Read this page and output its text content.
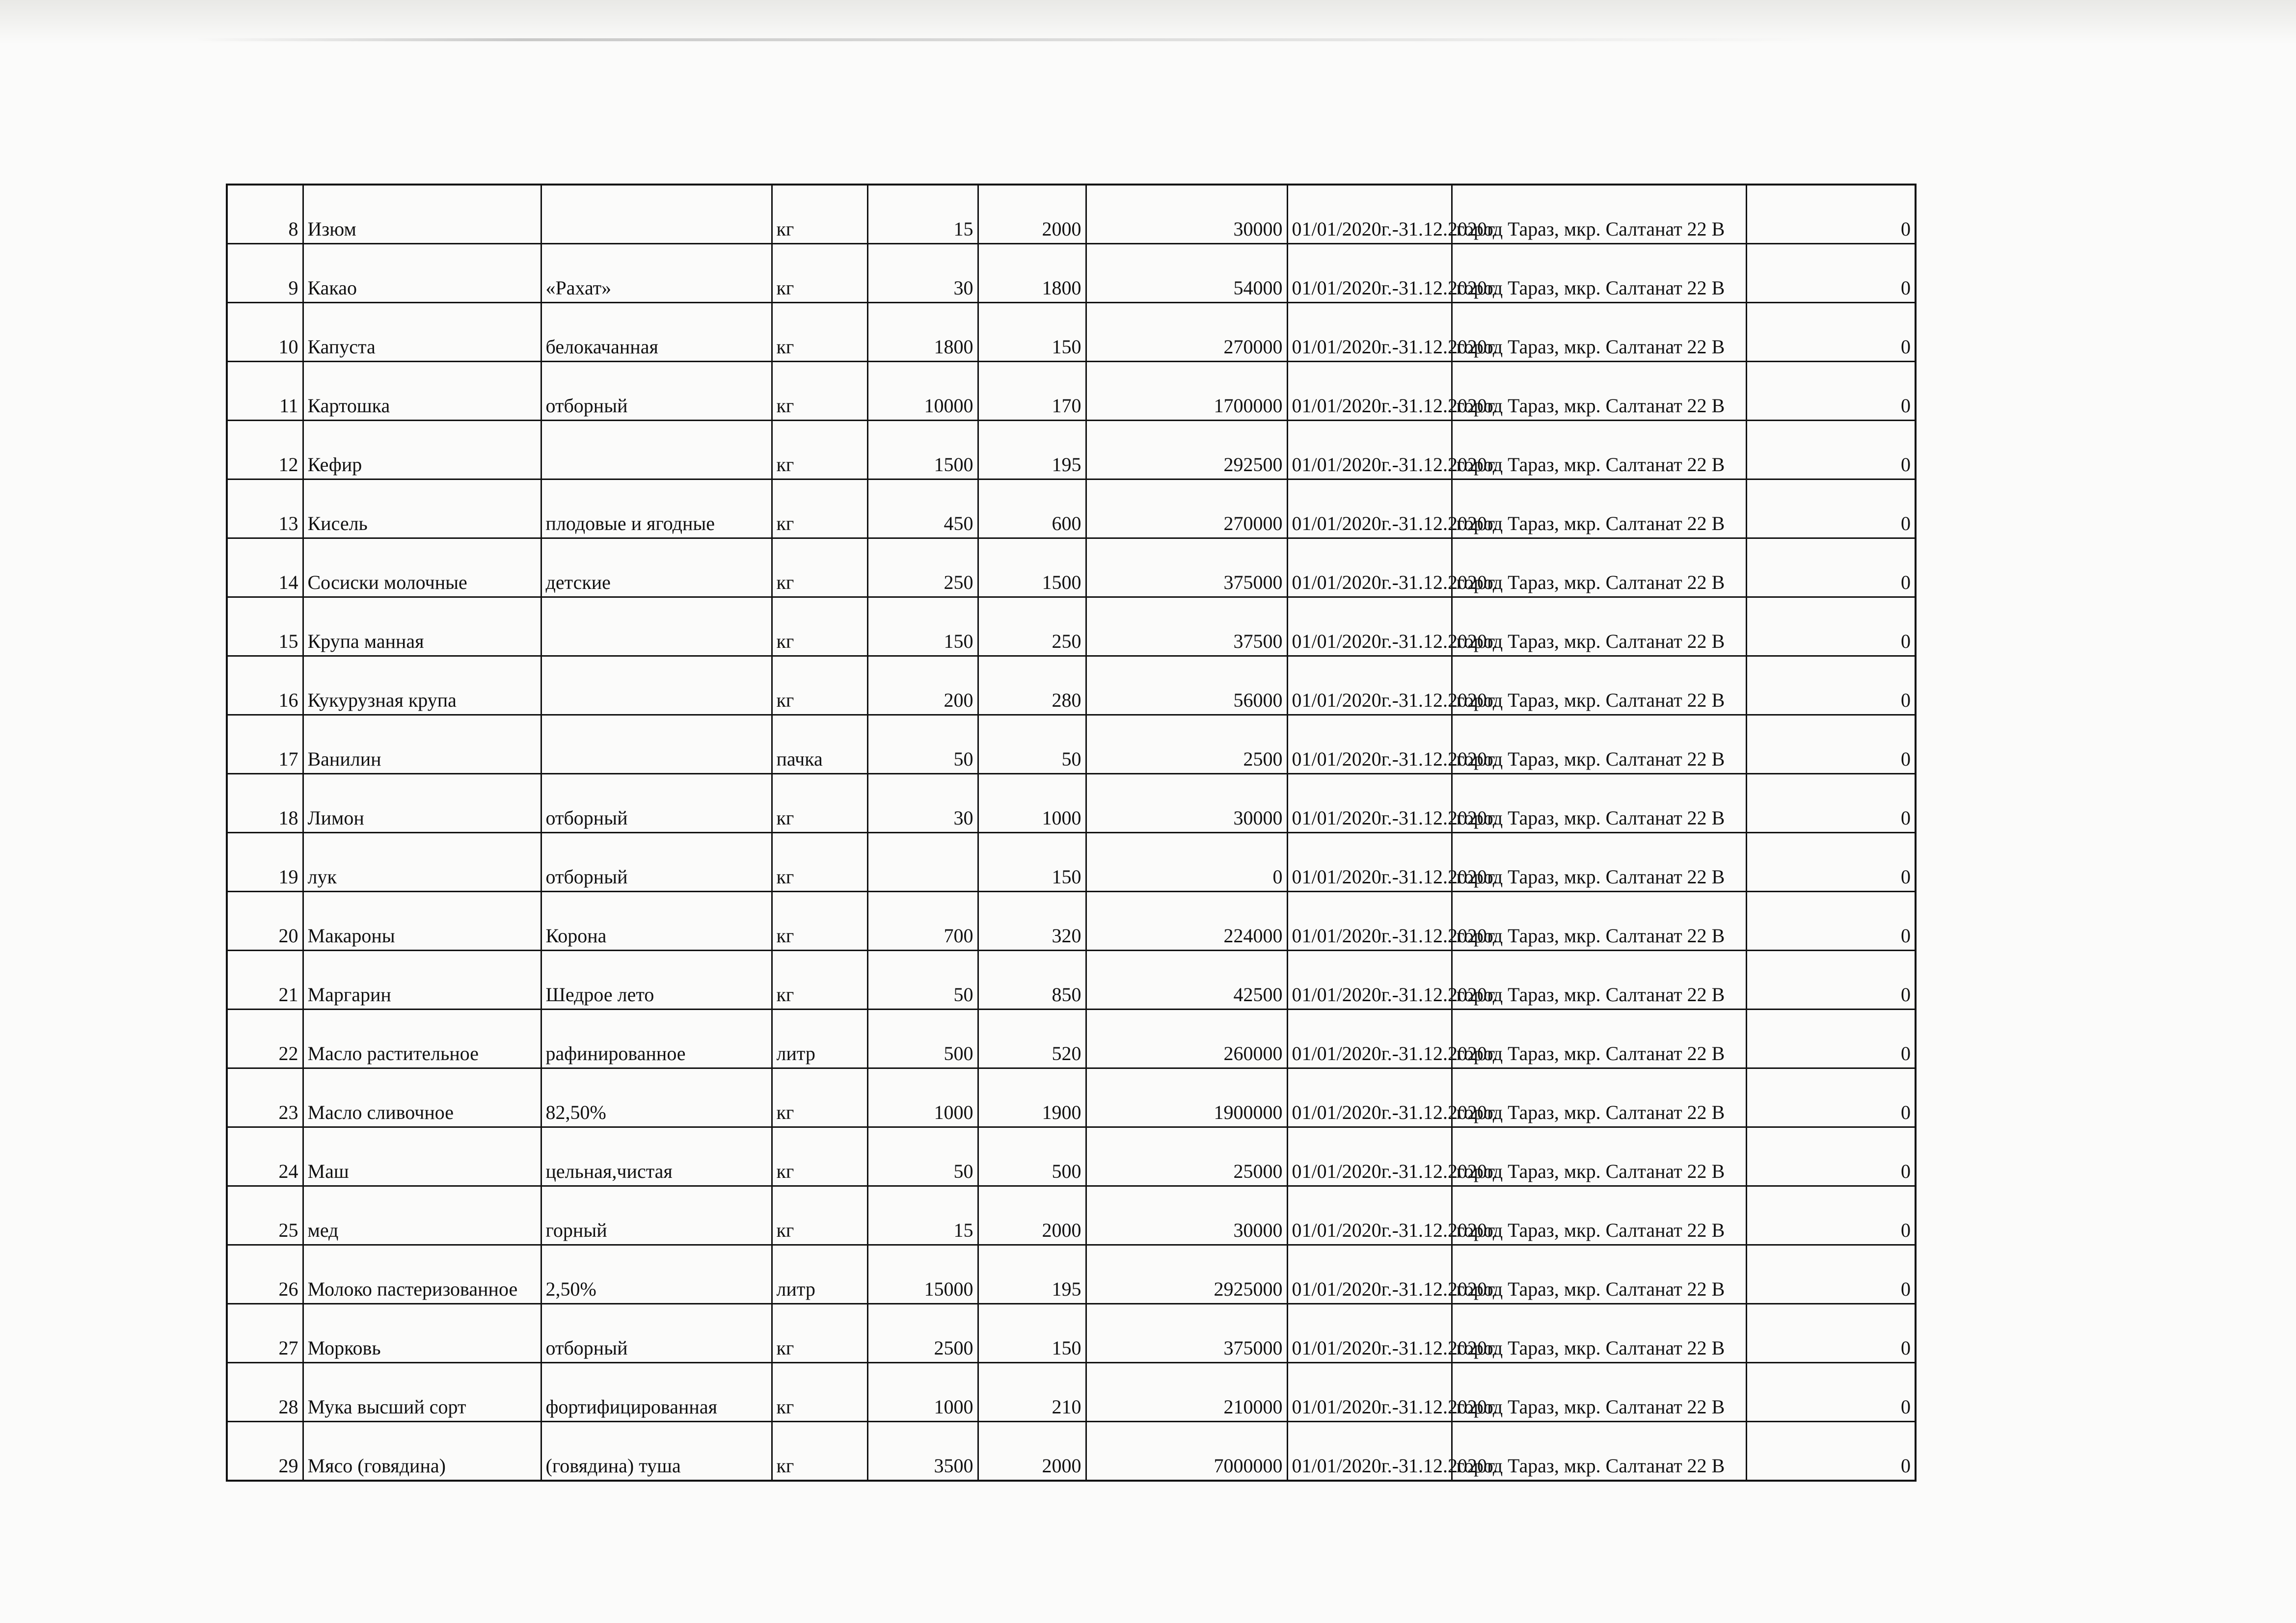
8	Изюм		кг	15	2000	30000	01/01/2020г.-31.12.2020г.	город Тараз, мкр. Салтанат 22 В	0
9	Какао	«Рахат»	кг	30	1800	54000	01/01/2020г.-31.12.2020г.	город Тараз, мкр. Салтанат 22 В	0
10	Капуста	белокачанная	кг	1800	150	270000	01/01/2020г.-31.12.2020г.	город Тараз, мкр. Салтанат 22 В	0
11	Картошка	отборный	кг	10000	170	1700000	01/01/2020г.-31.12.2020г.	город Тараз, мкр. Салтанат 22 В	0
12	Кефир		кг	1500	195	292500	01/01/2020г.-31.12.2020г.	город Тараз, мкр. Салтанат 22 В	0
13	Кисель	плодовые и ягодные	кг	450	600	270000	01/01/2020г.-31.12.2020г.	город Тараз, мкр. Салтанат 22 В	0
14	Сосиски молочные	детские	кг	250	1500	375000	01/01/2020г.-31.12.2020г.	город Тараз, мкр. Салтанат 22 В	0
15	Крупа манная		кг	150	250	37500	01/01/2020г.-31.12.2020г.	город Тараз, мкр. Салтанат 22 В	0
16	Кукурузная крупа		кг	200	280	56000	01/01/2020г.-31.12.2020г.	город Тараз, мкр. Салтанат 22 В	0
17	Ванилин		пачка	50	50	2500	01/01/2020г.-31.12.2020г.	город Тараз, мкр. Салтанат 22 В	0
18	Лимон	отборный	кг	30	1000	30000	01/01/2020г.-31.12.2020г.	город Тараз, мкр. Салтанат 22 В	0
19	лук	отборный	кг		150	0	01/01/2020г.-31.12.2020г.	город Тараз, мкр. Салтанат 22 В	0
20	Макароны	Корона	кг	700	320	224000	01/01/2020г.-31.12.2020г.	город Тараз, мкр. Салтанат 22 В	0
21	Маргарин	Шедрое лето	кг	50	850	42500	01/01/2020г.-31.12.2020г.	город Тараз, мкр. Салтанат 22 В	0
22	Масло растительное	рафинированное	литр	500	520	260000	01/01/2020г.-31.12.2020г.	город Тараз, мкр. Салтанат 22 В	0
23	Масло сливочное	82,50%	кг	1000	1900	1900000	01/01/2020г.-31.12.2020г.	город Тараз, мкр. Салтанат 22 В	0
24	Маш	цельная,чистая	кг	50	500	25000	01/01/2020г.-31.12.2020г.	город Тараз, мкр. Салтанат 22 В	0
25	мед	горный	кг	15	2000	30000	01/01/2020г.-31.12.2020г.	город Тараз, мкр. Салтанат 22 В	0
26	Молоко пастеризованное	2,50%	литр	15000	195	2925000	01/01/2020г.-31.12.2020г.	город Тараз, мкр. Салтанат 22 В	0
27	Морковь	отборный	кг	2500	150	375000	01/01/2020г.-31.12.2020г.	город Тараз, мкр. Салтанат 22 В	0
28	Мука высший сорт	фортифицированная	кг	1000	210	210000	01/01/2020г.-31.12.2020г.	город Тараз, мкр. Салтанат 22 В	0
29	Мясо (говядина)	(говядина) туша	кг	3500	2000	7000000	01/01/2020г.-31.12.2020г.	город Тараз, мкр. Салтанат 22 В	0
